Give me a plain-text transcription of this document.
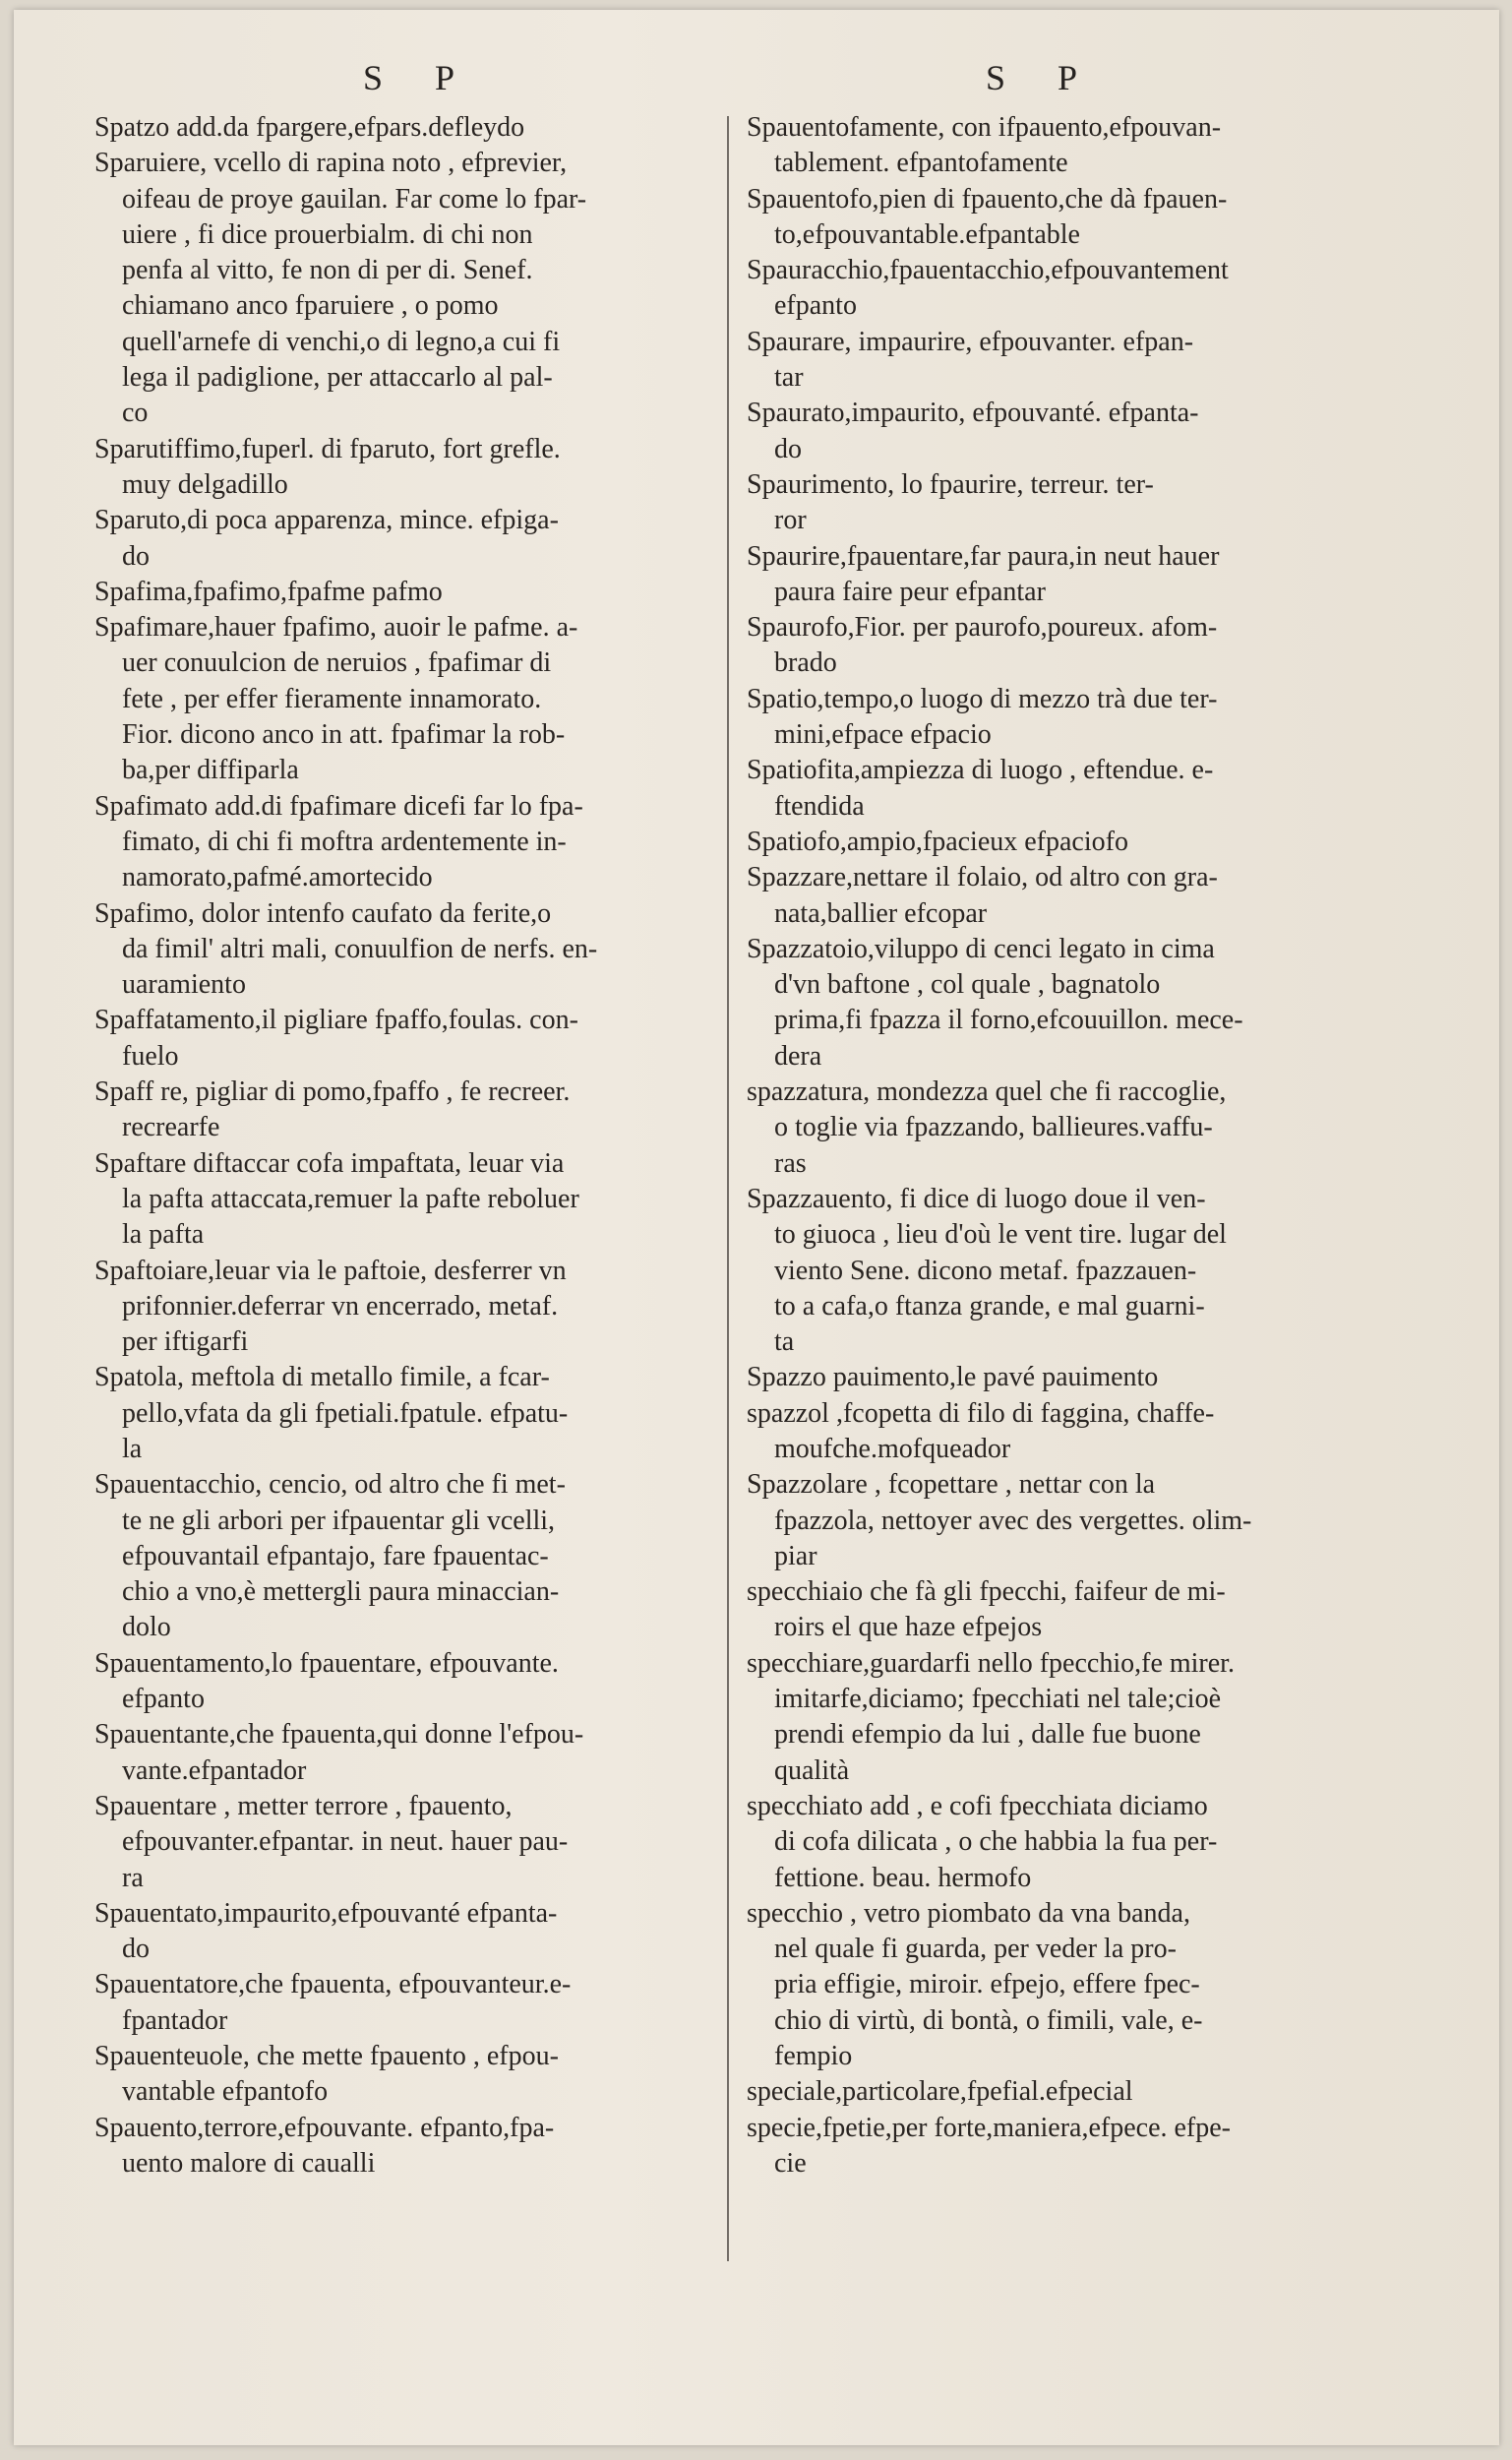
S P	S P
Spatzo add.da fpargere,efpars.defleydo
Sparuiere, vcello di rapina noto , efprevier,
oifeau de proye gauilan. Far come lo fpar-
uiere , fi dice prouerbialm. di chi non
penfa al vitto, fe non di per di. Senef.
chiamano anco fparuiere , o pomo
quell'arnefe di venchi,o di legno,a cui fi
lega il padiglione, per attaccarlo al pal-
co
Sparutiffimo,fuperl. di fparuto, fort grefle.
muy delgadillo
Sparuto,di poca apparenza, mince. efpiga-
do
Spafima,fpafimo,fpafme pafmo
Spafimare,hauer fpafimo, auoir le pafme. a-
uer conuulcion de neruios , fpafimar di
fete , per effer fieramente innamorato.
Fior. dicono anco in att. fpafimar la rob-
ba,per diffiparla
Spafimato add.di fpafimare dicefi far lo fpa-
fimato, di chi fi moftra ardentemente in-
namorato,pafmé.amortecido
Spafimo, dolor intenfo caufato da ferite,o
da fimil' altri mali, conuulfion de nerfs. en-
uaramiento
Spaffatamento,il pigliare fpaffo,foulas. con-
fuelo
Spaff re, pigliar di pomo,fpaffo , fe recreer.
recrearfe
Spaftare diftaccar cofa impaftata, leuar via
la pafta attaccata,remuer la pafte reboluer
la pafta
Spaftoiare,leuar via le paftoie, desferrer vn
prifonnier.deferrar vn encerrado, metaf.
per iftigarfi
Spatola, meftola di metallo fimile, a fcar-
pello,vfata da gli fpetiali.fpatule. efpatu-
la
Spauentacchio, cencio, od altro che fi met-
te ne gli arbori per ifpauentar gli vcelli,
efpouvantail efpantajo, fare fpauentac-
chio a vno,è mettergli paura minaccian-
dolo
Spauentamento,lo fpauentare, efpouvante.
efpanto
Spauentante,che fpauenta,qui donne l'efpou-
vante.efpantador
Spauentare , metter terrore , fpauento,
efpouvanter.efpantar. in neut. hauer pau-
ra
Spauentato,impaurito,efpouvanté efpanta-
do
Spauentatore,che fpauenta, efpouvanteur.e-
fpantador
Spauenteuole, che mette fpauento , efpou-
vantable efpantofo
Spauento,terrore,efpouvante. efpanto,fpa-
uento malore di caualli
Spauentofamente, con ifpauento,efpouvan-
tablement. efpantofamente
Spauentofo,pien di fpauento,che dà fpauen-
to,efpouvantable.efpantable
Spauracchio,fpauentacchio,efpouvantement
efpanto
Spaurare, impaurire, efpouvanter. efpan-
tar
Spaurato,impaurito, efpouvanté. efpanta-
do
Spaurimento, lo fpaurire, terreur. ter-
ror
Spaurire,fpauentare,far paura,in neut hauer
paura faire peur efpantar
Spaurofo,Fior. per paurofo,poureux. afom-
brado
Spatio,tempo,o luogo di mezzo trà due ter-
mini,efpace efpacio
Spatiofita,ampiezza di luogo , eftendue. e-
ftendida
Spatiofo,ampio,fpacieux efpaciofo
Spazzare,nettare il folaio, od altro con gra-
nata,ballier efcopar
Spazzatoio,viluppo di cenci legato in cima
d'vn baftone , col quale , bagnatolo
prima,fi fpazza il forno,efcouuillon. mece-
dera
spazzatura, mondezza quel che fi raccoglie,
o toglie via fpazzando, ballieures.vaffu-
ras
Spazzauento, fi dice di luogo doue il ven-
to giuoca , lieu d'où le vent tire. lugar del
viento Sene. dicono metaf. fpazzauen-
to a cafa,o ftanza grande, e mal guarni-
ta
Spazzo pauimento,le pavé pauimento
spazzol ,fcopetta di filo di faggina, chaffe-
moufche.mofqueador
Spazzolare , fcopettare , nettar con la
fpazzola, nettoyer avec des vergettes. olim-
piar
specchiaio che fà gli fpecchi, faifeur de mi-
roirs el que haze efpejos
specchiare,guardarfi nello fpecchio,fe mirer.
imitarfe,diciamo; fpecchiati nel tale;cioè
prendi efempio da lui , dalle fue buone
qualità
specchiato add , e cofi fpecchiata diciamo
di cofa dilicata , o che habbia la fua per-
fettione. beau. hermofo
specchio , vetro piombato da vna banda,
nel quale fi guarda, per veder la pro-
pria effigie, miroir. efpejo, effere fpec-
chio di virtù, di bontà, o fimili, vale, e-
fempio
speciale,particolare,fpefial.efpecial
specie,fpetie,per forte,maniera,efpece. efpe-
cie
